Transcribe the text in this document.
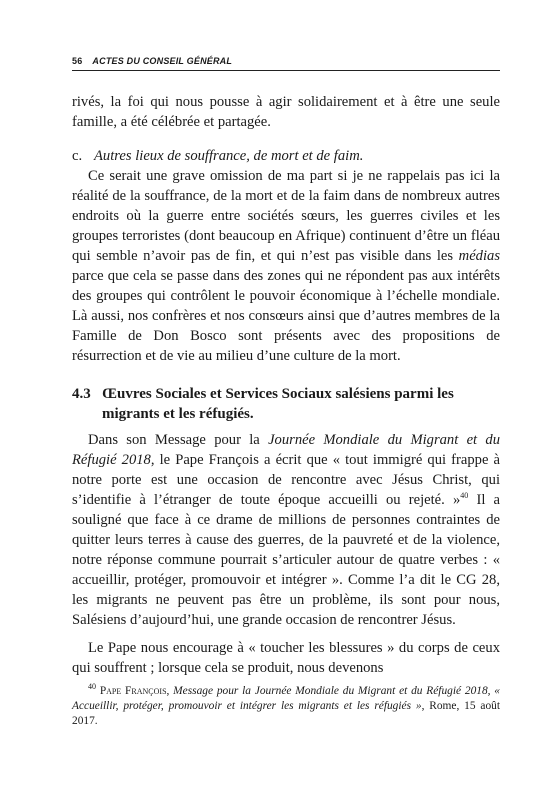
56 ACTES DU CONSEIL GÉNÉRAL

rivés, la foi qui nous pousse à agir solidairement et à être une seule famille, a été célébrée et partagée.

c. Autres lieux de souffrance, de mort et de faim.

Ce serait une grave omission de ma part si je ne rappelais pas ici la réalité de la souffrance, de la mort et de la faim dans de nombreux autres endroits où la guerre entre sociétés sœurs, les guerres civiles et les groupes terroristes (dont beaucoup en Afrique) continuent d’être un fléau qui semble n’avoir pas de fin, et qui n’est pas visible dans les médias parce que cela se passe dans des zones qui ne répondent pas aux intérêts des groupes qui contrôlent le pouvoir économique à l’échelle mondiale. Là aussi, nos confrères et nos consœurs ainsi que d’autres membres de la Famille de Don Bosco sont présents avec des propositions de résurrection et de vie au milieu d’une culture de la mort.

4.3 Œuvres Sociales et Services Sociaux salésiens parmi les migrants et les réfugiés.

Dans son Message pour la Journée Mondiale du Migrant et du Réfugié 2018, le Pape François a écrit que « tout immigré qui frappe à notre porte est une occasion de rencontre avec Jésus Christ, qui s’identifie à l’étranger de toute époque accueilli ou rejeté. »$^{40}$ Il a souligné que face à ce drame de millions de personnes contraintes de quitter leurs terres à cause des guerres, de la pauvreté et de la violence, notre réponse commune pourrait s’articuler autour de quatre verbes : « accueillir, protéger, promouvoir et intégrer ». Comme l’a dit le CG 28, les migrants ne peuvent pas être un problème, ils sont pour nous, Salésiens d’aujourd’hui, une grande occasion de rencontrer Jésus.

Le Pape nous encourage à « toucher les blessures » du corps de ceux qui souffrent ; lorsque cela se produit, nous devenons

$^{40}$ Pape François, Message pour la Journée Mondiale du Migrant et du Réfugié 2018, « Accueillir, protéger, promouvoir et intégrer les migrants et les réfugiés », Rome, 15 août 2017.
